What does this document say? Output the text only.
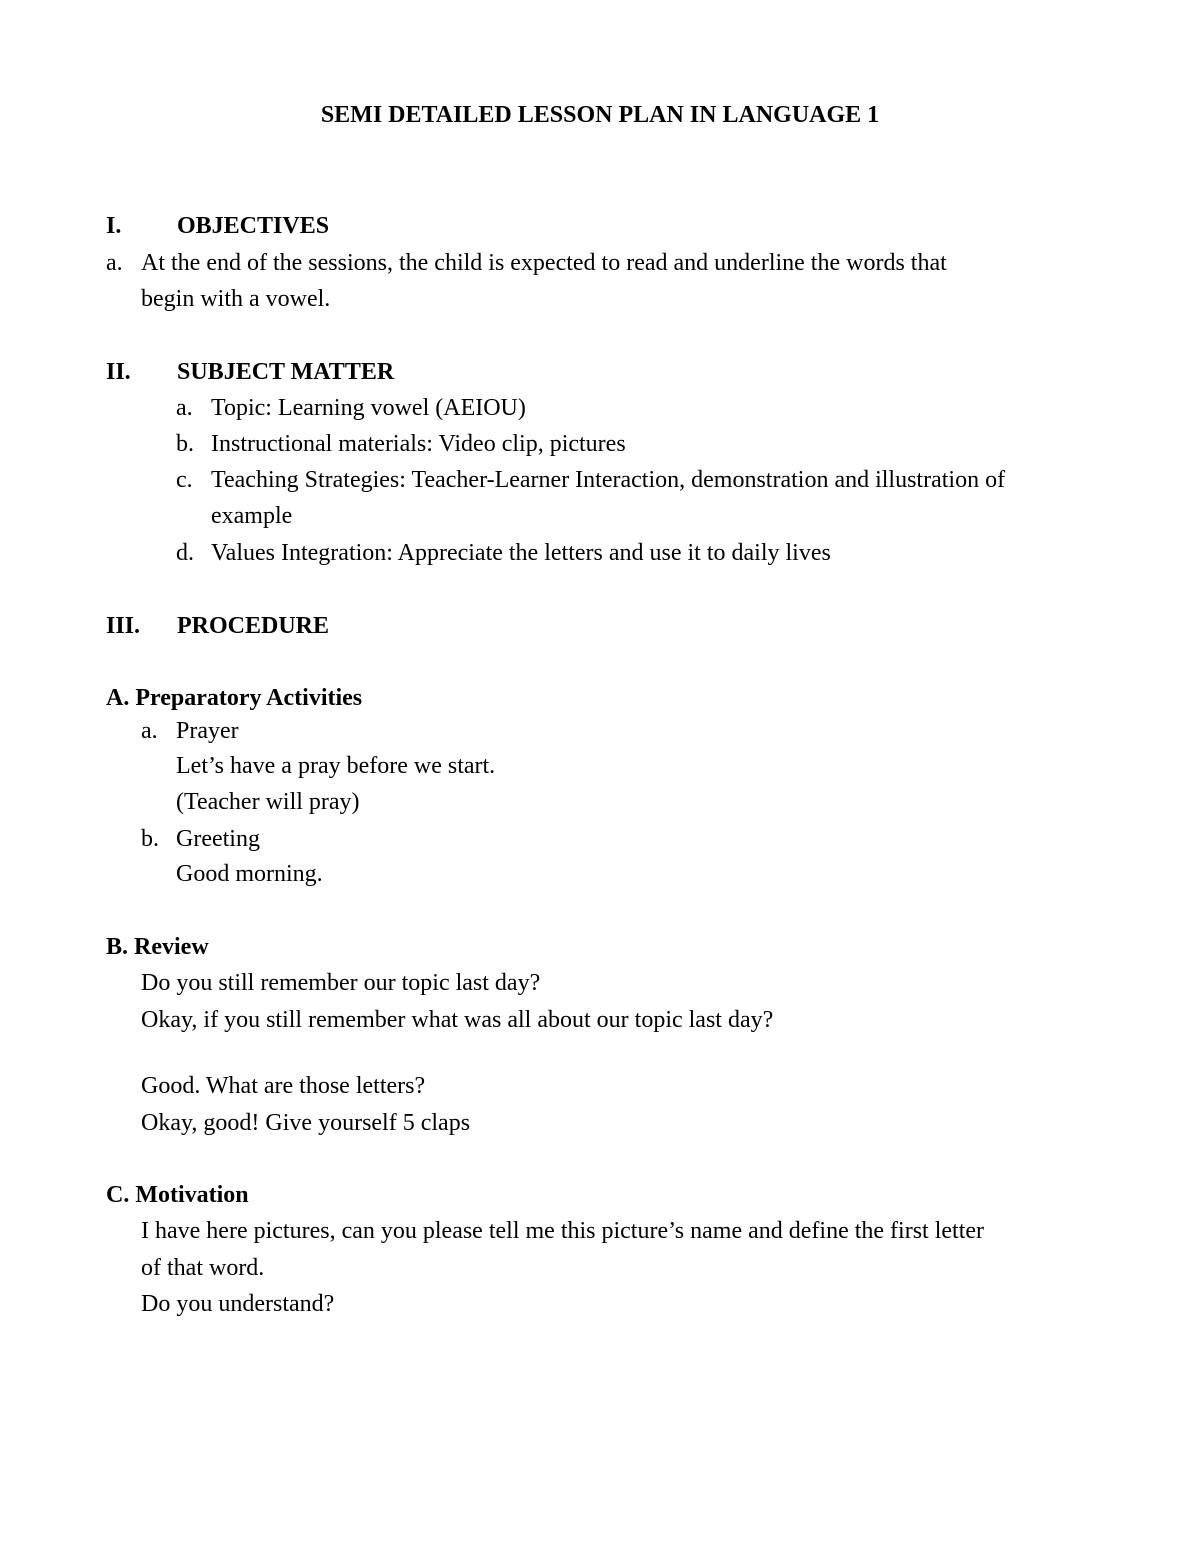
SEMI DETAILED LESSON PLAN IN LANGUAGE 1
I. OBJECTIVES
a. At the end of the sessions, the child is expected to read and underline the words that
begin with a vowel.
II. SUBJECT MATTER
a. Topic: Learning vowel (AEIOU)
b. Instructional materials: Video clip, pictures
c. Teaching Strategies: Teacher-Learner Interaction, demonstration and illustration of
example
d. Values Integration: Appreciate the letters and use it to daily lives
III. PROCEDURE
A. Preparatory Activities
a. Prayer
Let’s have a pray before we start.
(Teacher will pray)
b. Greeting
Good morning.
B. Review
Do you still remember our topic last day?
Okay, if you still remember what was all about our topic last day?
Good. What are those letters?
Okay, good! Give yourself 5 claps
C. Motivation
I have here pictures, can you please tell me this picture’s name and define the first letter
of that word.
Do you understand?
